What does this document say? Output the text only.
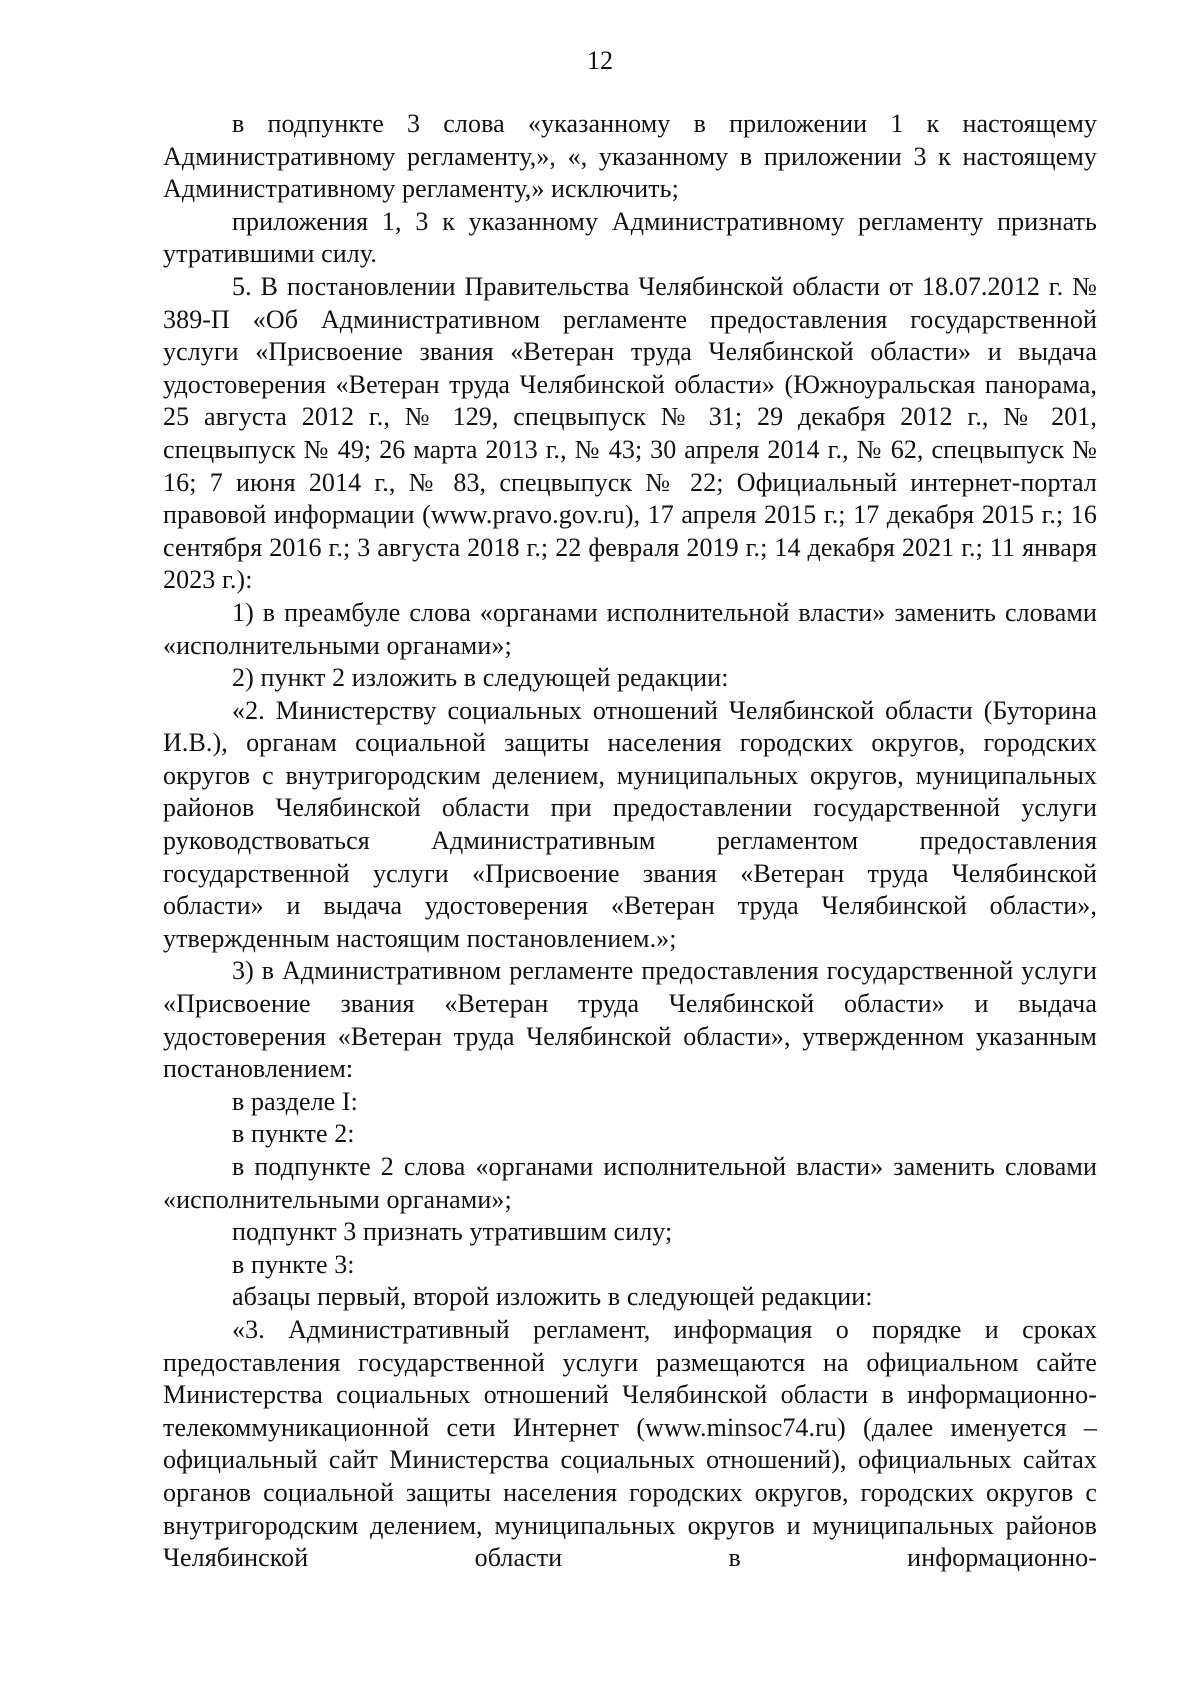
12

в подпункте 3 слова «указанному в приложении 1 к настоящему Административному регламенту,», «, указанному в приложении 3 к настоящему Административному регламенту,» исключить;

приложения 1, 3 к указанному Административному регламенту признать утратившими силу.

5. В постановлении Правительства Челябинской области от 18.07.2012 г. № 389-П «Об Административном регламенте предоставления государственной услуги «Присвоение звания «Ветеран труда Челябинской области» и выдача удостоверения «Ветеран труда Челябинской области» (Южноуральская панорама, 25 августа 2012 г., № 129, спецвыпуск № 31; 29 декабря 2012 г., № 201, спецвыпуск № 49; 26 марта 2013 г., № 43; 30 апреля 2014 г., № 62, спецвыпуск № 16; 7 июня 2014 г., № 83, спецвыпуск № 22; Официальный интернет-портал правовой информации (www.pravo.gov.ru), 17 апреля 2015 г.; 17 декабря 2015 г.; 16 сентября 2016 г.; 3 августа 2018 г.; 22 февраля 2019 г.; 14 декабря 2021 г.; 11 января 2023 г.):

1) в преамбуле слова «органами исполнительной власти» заменить словами «исполнительными органами»;

2) пункт 2 изложить в следующей редакции:

«2. Министерству социальных отношений Челябинской области (Буторина И.В.), органам социальной защиты населения городских округов, городских округов с внутригородским делением, муниципальных округов, муниципальных районов Челябинской области при предоставлении государственной услуги руководствоваться Административным регламентом предоставления государственной услуги «Присвоение звания «Ветеран труда Челябинской области» и выдача удостоверения «Ветеран труда Челябинской области», утвержденным настоящим постановлением.»;

3) в Административном регламенте предоставления государственной услуги «Присвоение звания «Ветеран труда Челябинской области» и выдача удостоверения «Ветеран труда Челябинской области», утвержденном указанным постановлением:

в разделе I:

в пункте 2:

в подпункте 2 слова «органами исполнительной власти» заменить словами «исполнительными органами»;

подпункт 3 признать утратившим силу;

в пункте 3:

абзацы первый, второй изложить в следующей редакции:

«3. Административный регламент, информация о порядке и сроках предоставления государственной услуги размещаются на официальном сайте Министерства социальных отношений Челябинской области в информационно-телекоммуникационной сети Интернет (www.minsoc74.ru) (далее именуется – официальный сайт Министерства социальных отношений), официальных сайтах органов социальной защиты населения городских округов, городских округов с внутригородским делением, муниципальных округов и муниципальных районов Челябинской области в информационно-
